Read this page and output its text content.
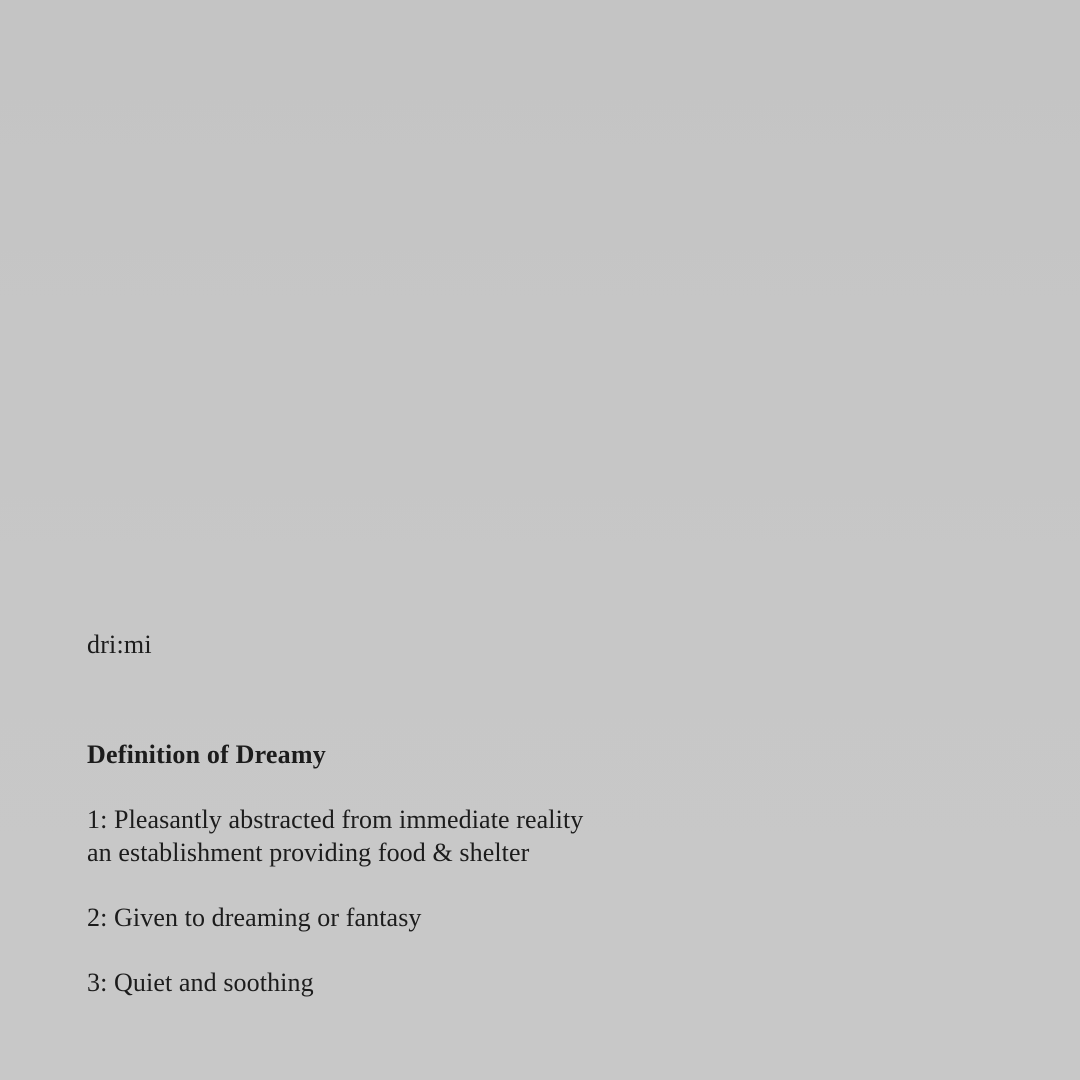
dri:mi

Definition of Dreamy
1: Pleasantly abstracted from immediate reality
an establishment providing food & shelter
2: Given to dreaming or fantasy
3: Quiet and soothing
